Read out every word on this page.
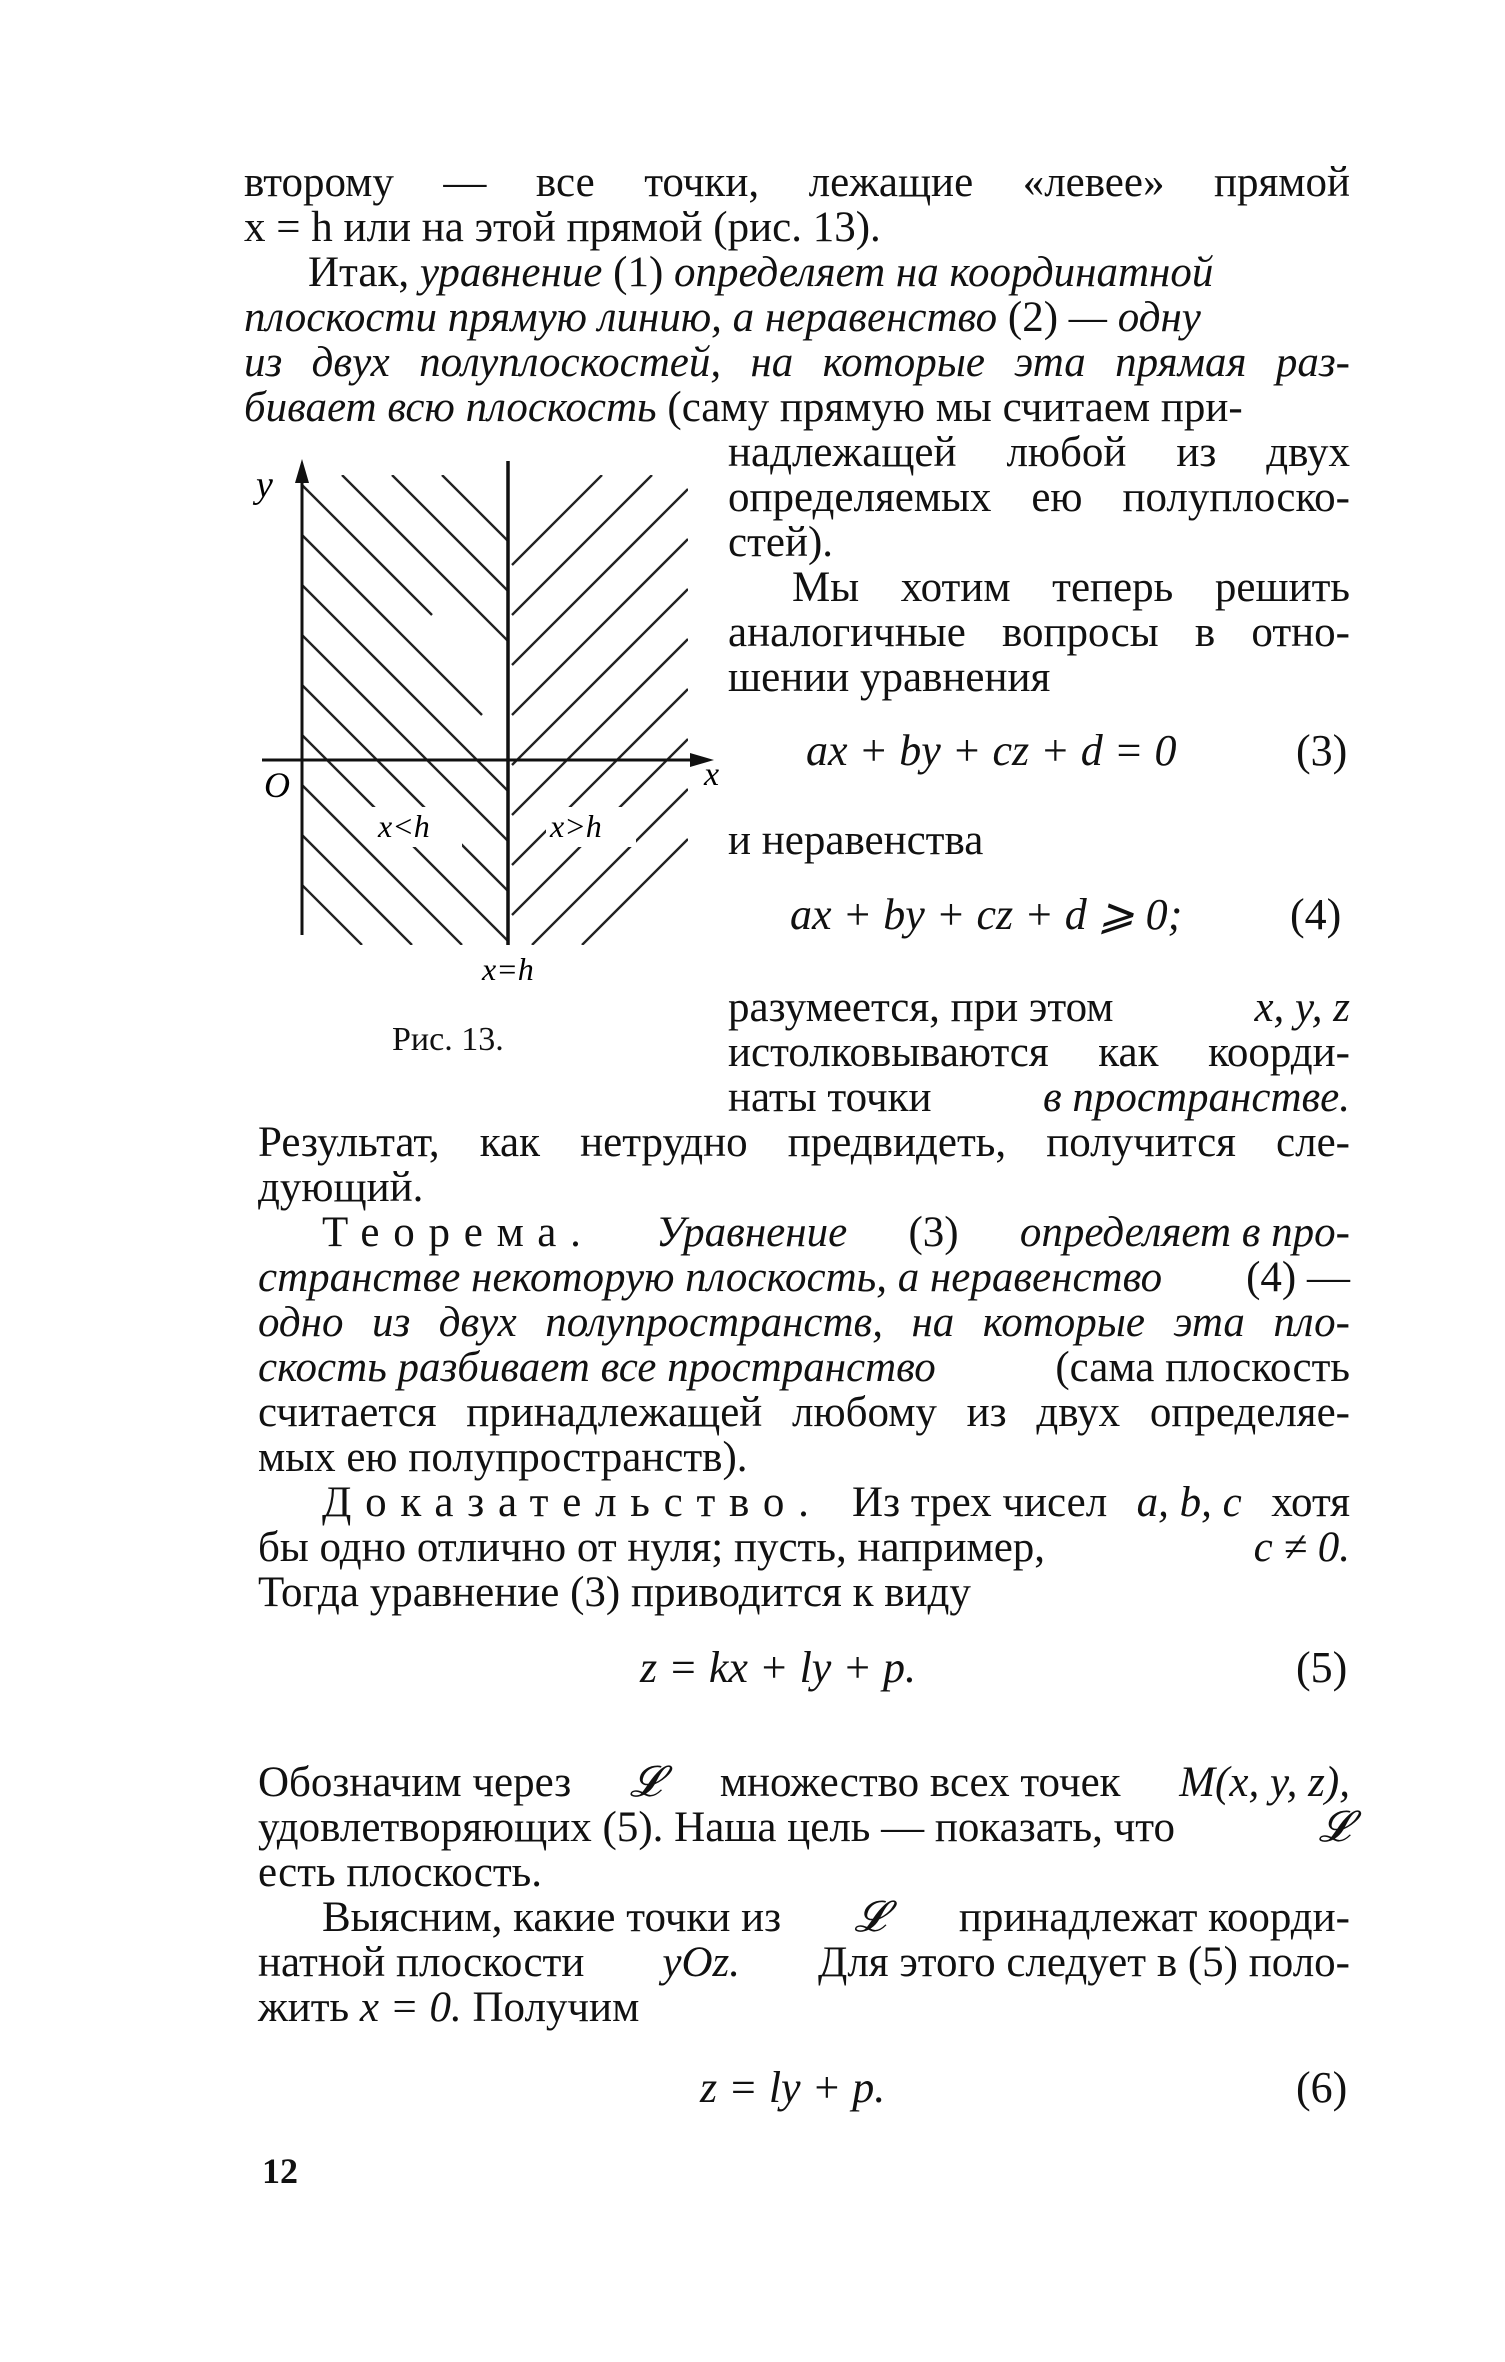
второму — все точки, лежащие «левее» прямой
x = h или на этой прямой (рис. 13).
Итак, уравнение (1) определяет на координатной
плоскости прямую линию, а неравенство (2) — одну
из двух полуплоскостей, на которые эта прямая раз-
бивает всю плоскость (саму прямую мы считаем при-
надлежащей любой из двух
определяемых ею полуплоско-
стей).
Мы хотим теперь решить
аналогичные вопросы в отно-
шении уравнения
ax + by + cz + d = 0	(3)
и неравенства
ax + by + cz + d ⩾ 0; (4)
y
x
O
x<h	x>h
x=h
Рис. 13.
разумеется, при этом	x, y, z
истолковываются как коорди-
наты точки	в пространстве.
Результат, как нетрудно предвидеть, получится сле-
дующий.
Теорема. Уравнение (3) определяет в про-
странстве некоторую плоскость, а неравенство (4) —
одно из двух полупространств, на которые эта пло-
скость разбивает все пространство	(сама плоскость
считается принадлежащей любому из двух определяе-
мых ею полупространств).
Доказательство. Из трех чисел a, b, c хотя
бы одно отлично от нуля; пусть, например,	c ≠ 0.
Тогда уравнение (3) приводится к виду
z = kx + ly + p.	(5)
Обозначим через 𝓛 множество всех точек M(x, y, z),
удовлетворяющих (5). Наша цель — показать, что	𝓛
есть плоскость.
Выясним, какие точки из 𝓛 принадлежат коорди-
натной плоскости yOz. Для этого следует в (5) поло-
жить x = 0. Получим
z = ly + p.	(6)
12
